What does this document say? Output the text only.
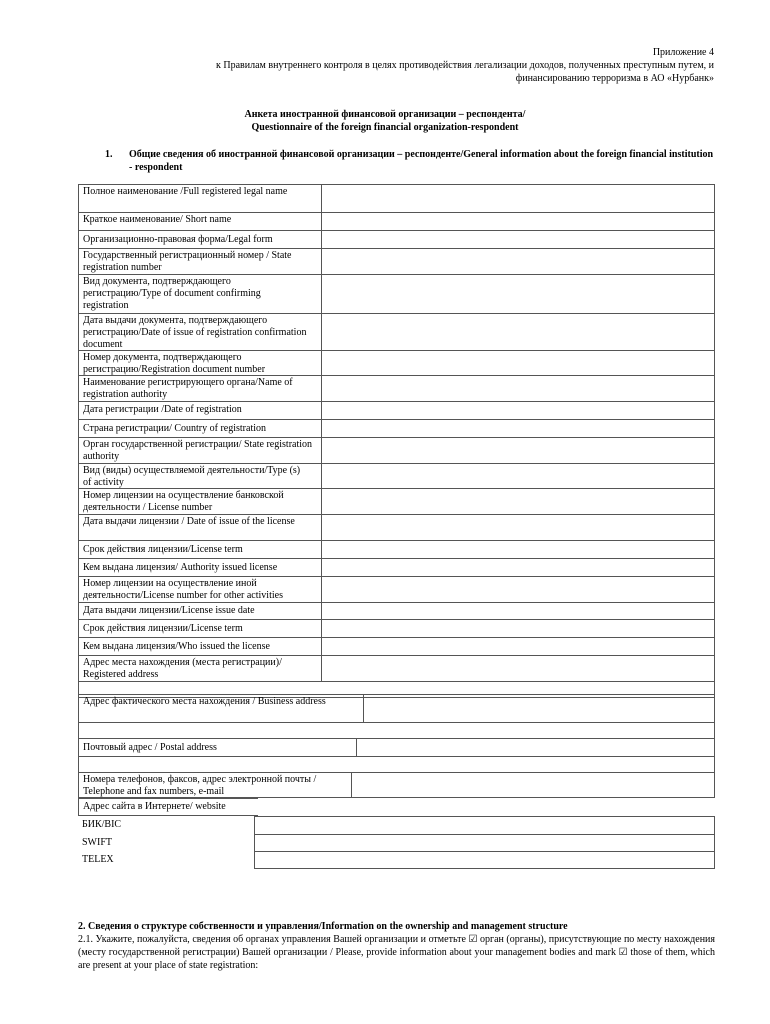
Приложение 4
к Правилам внутреннего контроля в целях противодействия легализации доходов, полученных преступным путем, и
финансированию терроризма в АО «Нурбанк»
Анкета иностранной финансовой организации – респондента/
Questionnaire of the foreign financial organization-respondent
1. Общие сведения об иностранной финансовой организации – респонденте/General information about the foreign financial institution - respondent
Полное наименование /Full registered legal name
Краткое наименование/ Short name
Организационно-правовая форма/Legal form
Государственный регистрационный номер / State registration number
Вид документа, подтверждающего регистрацию/Type of document confirming registration
Дата выдачи документа, подтверждающего регистрацию/Date of issue of registration confirmation document
Номер документа, подтверждающего регистрацию/Registration document number
Наименование регистрирующего органа/Name of registration authority
Дата регистрации /Date of registration
Страна регистрации/ Country of registration
Орган государственной регистрации/ State registration authority
Вид (виды) осуществляемой деятельности/Type (s) of activity
Номер лицензии на осуществление банковской деятельности / License number
Дата выдачи лицензии / Date of issue of the license
Срок действия лицензии/License term
Кем выдана лицензия/ Authority issued license
Номер лицензии на осуществление иной деятельности/License number for other activities
Дата выдачи лицензии/License issue date
Срок действия лицензии/License term
Кем выдана лицензия/Who issued the license
Адрес места нахождения (места регистрации)/ Registered address
Адрес фактического места нахождения / Business address
Почтовый адрес / Postal address
Номера телефонов, факсов, адрес электронной почты / Telephone and fax numbers, e-mail
Адрес сайта в Интернете/ website
БИК/BIC
SWIFT
TELEX
2. Сведения о структуре собственности и управления/Information on the ownership and management structure
2.1. Укажите, пожалуйста, сведения об органах управления Вашей организации и отметьте ☑ орган (органы), присутствующие по месту нахождения (месту государственной регистрации) Вашей организации / Please, provide information about your management bodies and mark ☑ those of them, which are present at your place of state registration:
